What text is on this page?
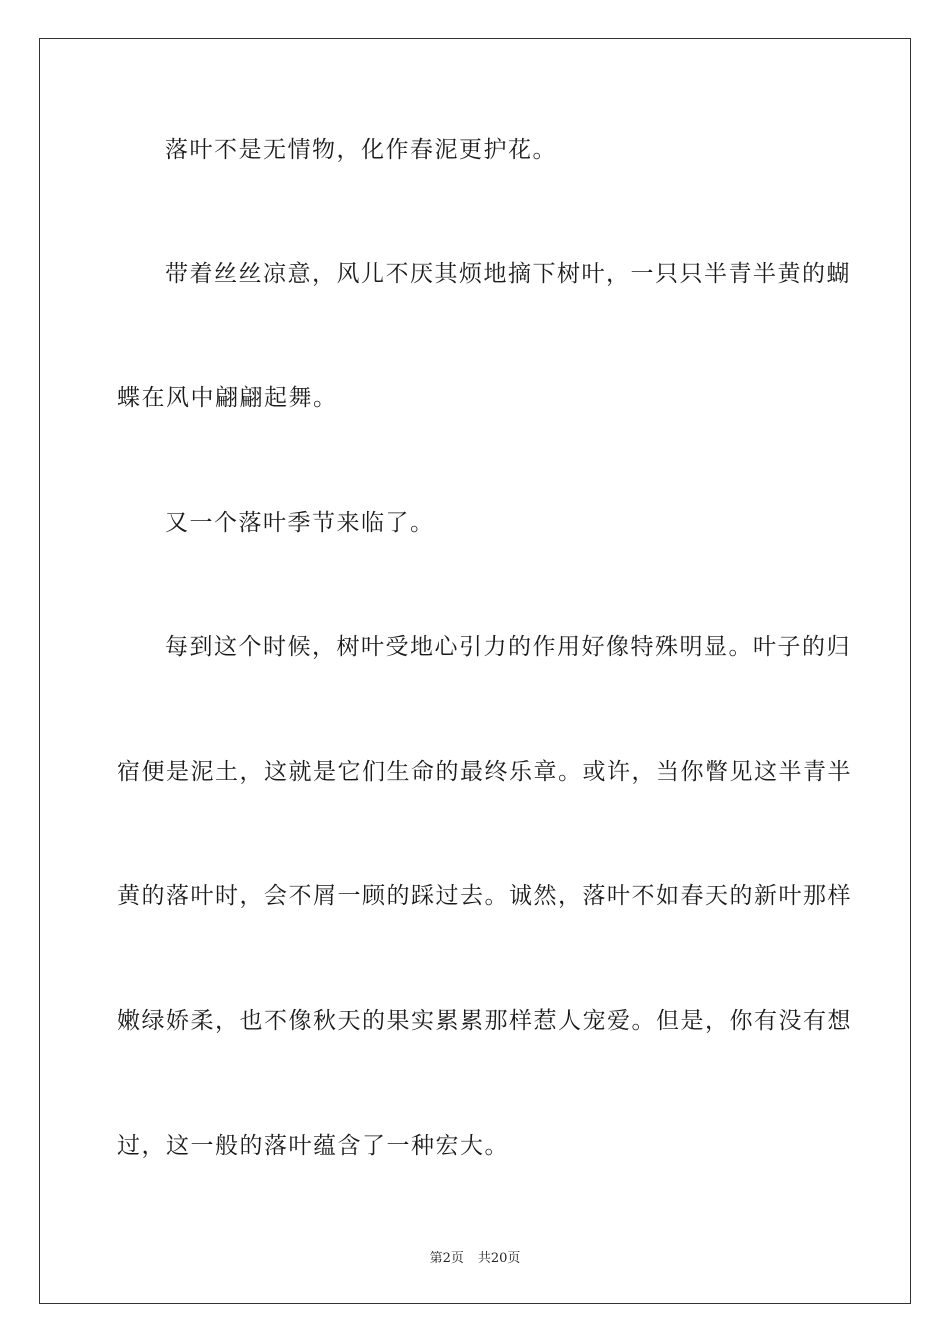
落叶不是无情物，化作春泥更护花。
带着丝丝凉意，风儿不厌其烦地摘下树叶，一只只半青半黄的蝴
蝶在风中翩翩起舞。
又一个落叶季节来临了。
每到这个时候，树叶受地心引力的作用好像特殊明显。叶子的归
宿便是泥土，这就是它们生命的最终乐章。或许，当你瞥见这半青半
黄的落叶时，会不屑一顾的踩过去。诚然，落叶不如春天的新叶那样
嫩绿娇柔，也不像秋天的果实累累那样惹人宠爱。但是，你有没有想
过，这一般的落叶蕴含了一种宏大。
第2页 共20页
